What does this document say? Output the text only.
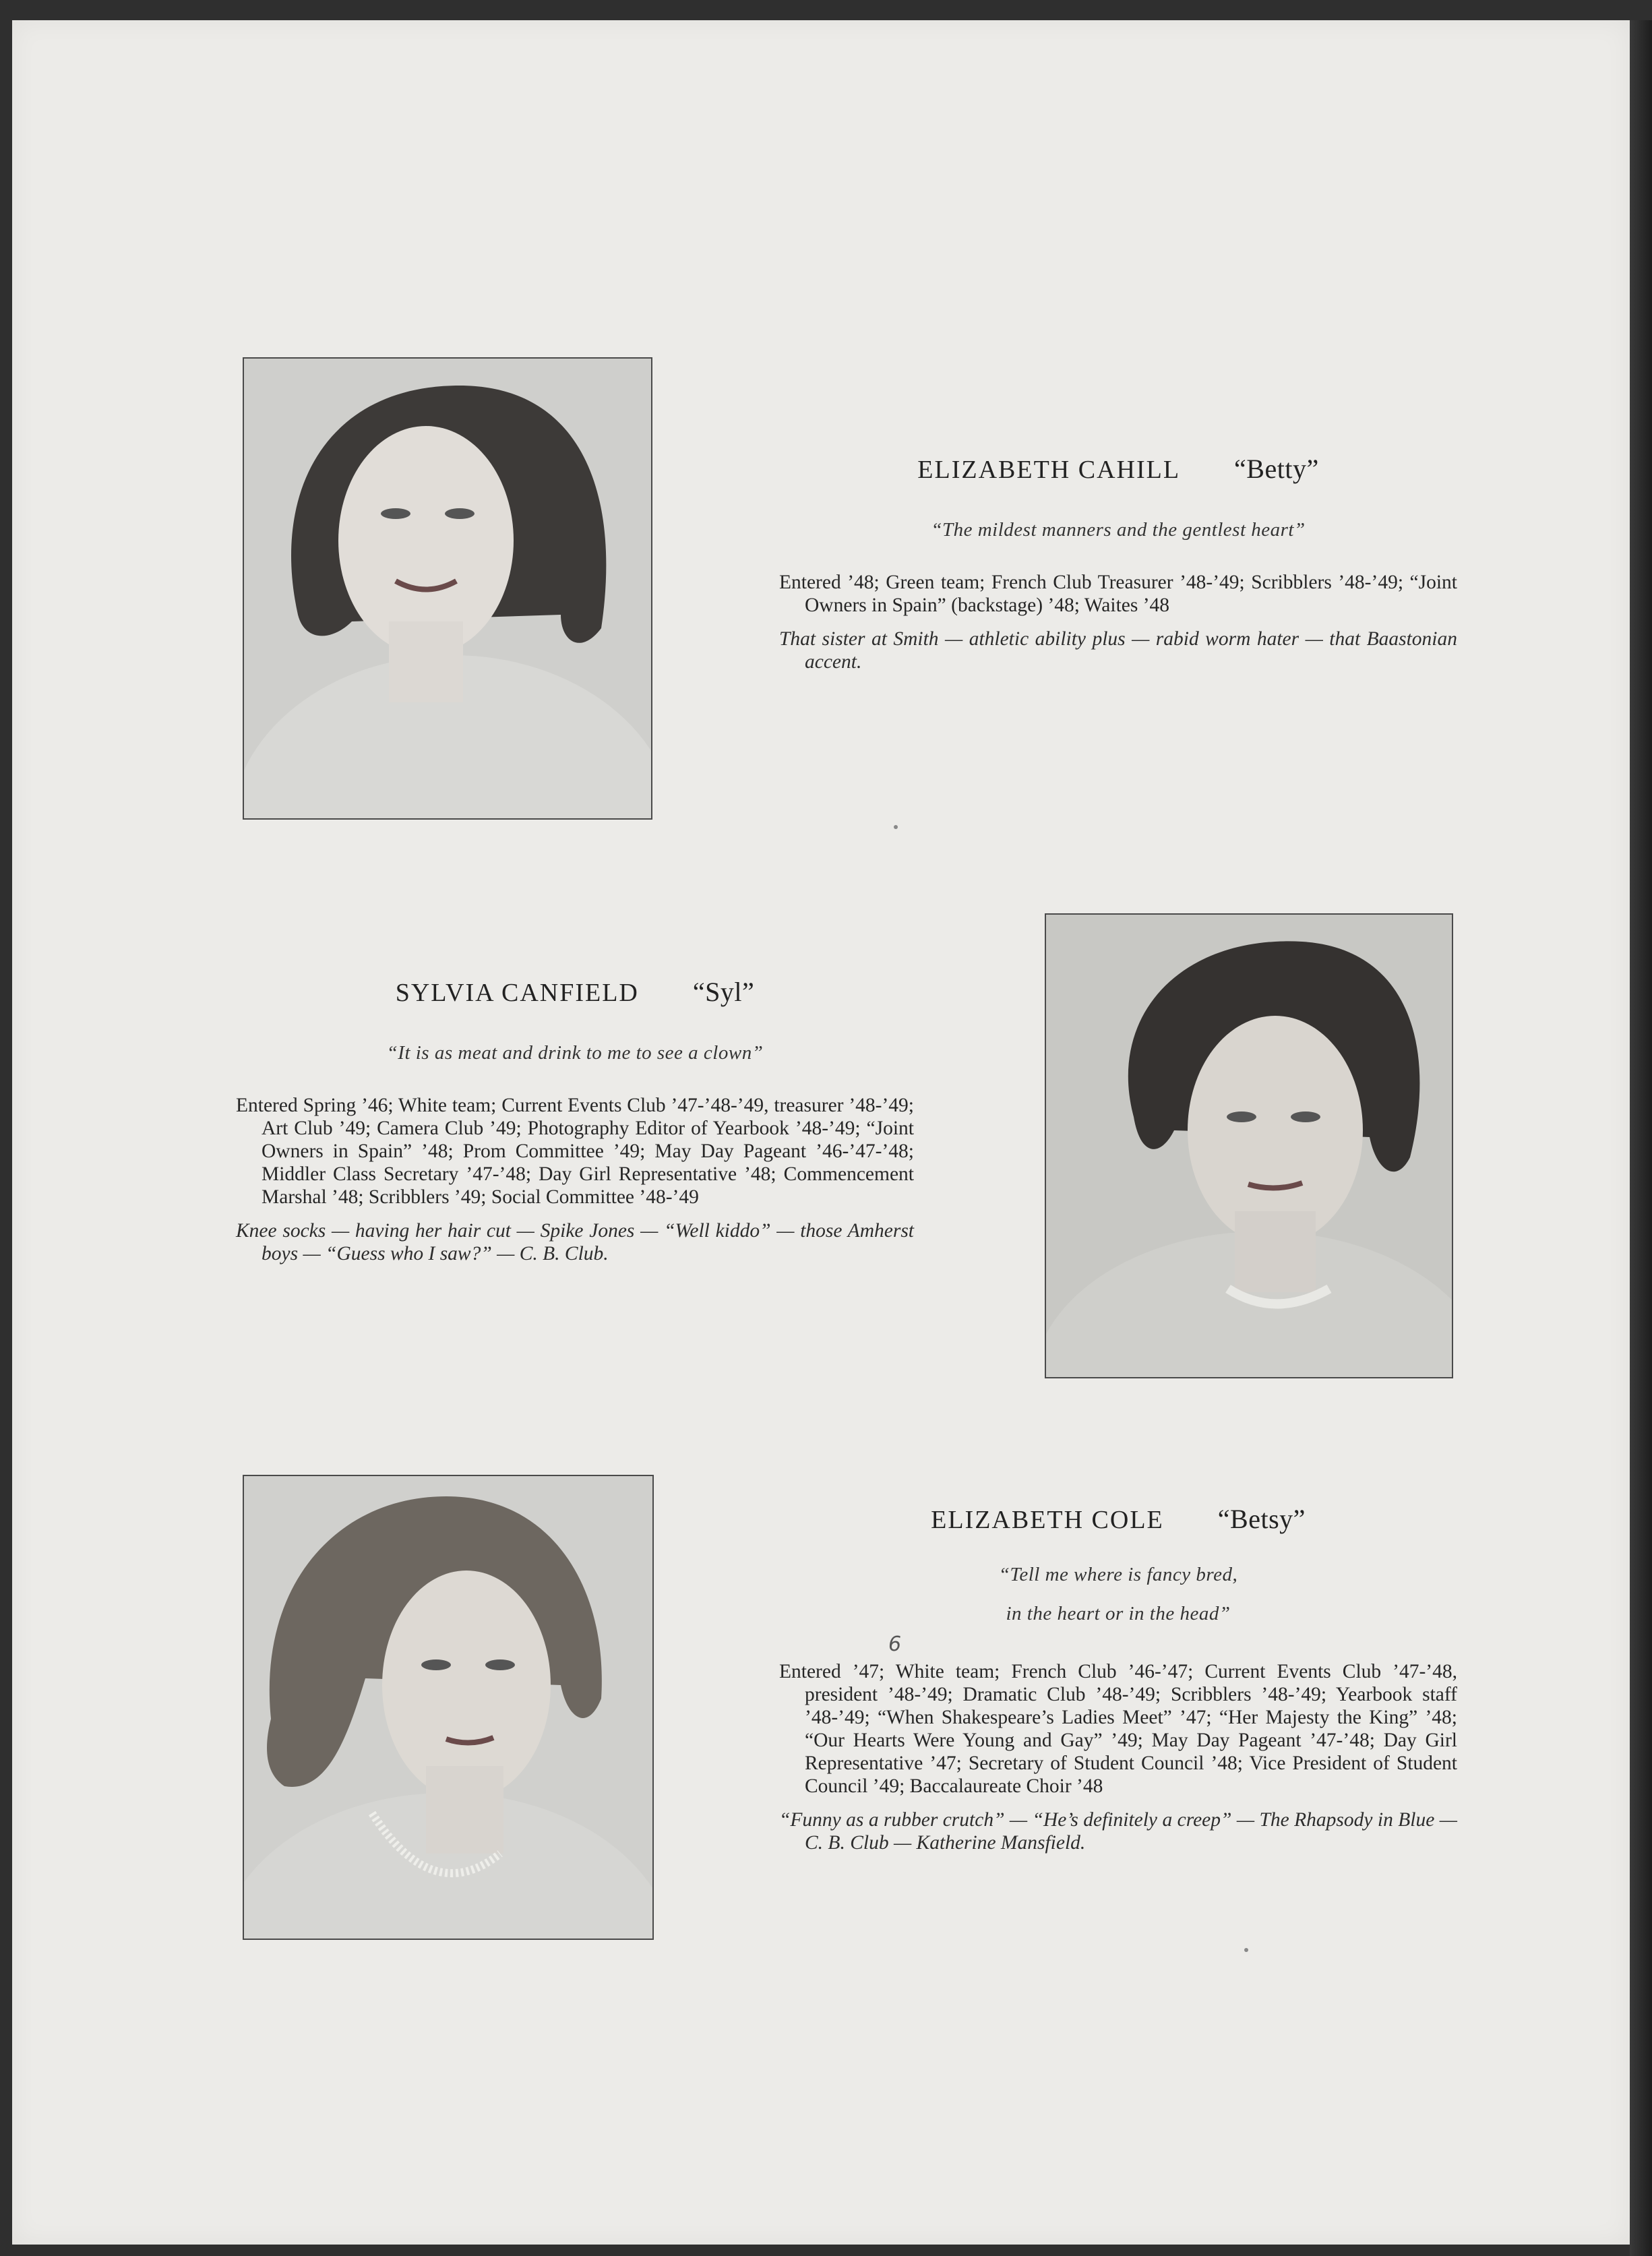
ELIZABETH CAHILL “Betty”
“The mildest manners and the gentlest heart”
Entered ’48; Green team; French Club Treasurer ’48-’49; Scribblers ’48-’49; “Joint Owners in Spain” (backstage) ’48; Waites ’48
That sister at Smith — athletic ability plus — rabid worm hater — that Baastonian accent.
SYLVIA CANFIELD “Syl”
“It is as meat and drink to me to see a clown”
Entered Spring ’46; White team; Current Events Club ’47-’48-’49, treasurer ’48-’49; Art Club ’49; Camera Club ’49; Photography Editor of Yearbook ’48-’49; “Joint Owners in Spain” ’48; Prom Committee ’49; May Day Pageant ’46-’47-’48; Middler Class Secretary ’47-’48; Day Girl Representative ’48; Commencement Marshal ’48; Scribblers ’49; Social Committee ’48-’49
Knee socks — having her hair cut — Spike Jones — “Well kiddo” — those Amherst boys — “Guess who I saw?” — C. B. Club.
ELIZABETH COLE “Betsy”
“Tell me where is fancy bred,
in the heart or in the head”
Entered ’47; White team; French Club ’46-’47; Current Events Club ’47-’48, president ’48-’49; Dramatic Club ’48-’49; Scribblers ’48-’49; Yearbook staff ’48-’49; “When Shakespeare’s Ladies Meet” ’47; “Her Majesty the King” ’48; “Our Hearts Were Young and Gay” ’49; May Day Pageant ’47-’48; Day Girl Representative ’47; Secretary of Student Council ’48; Vice President of Student Council ’49; Baccalaureate Choir ’48
“Funny as a rubber crutch” — “He’s definitely a creep” — The Rhapsody in Blue — C. B. Club — Katherine Mansfield.
6
